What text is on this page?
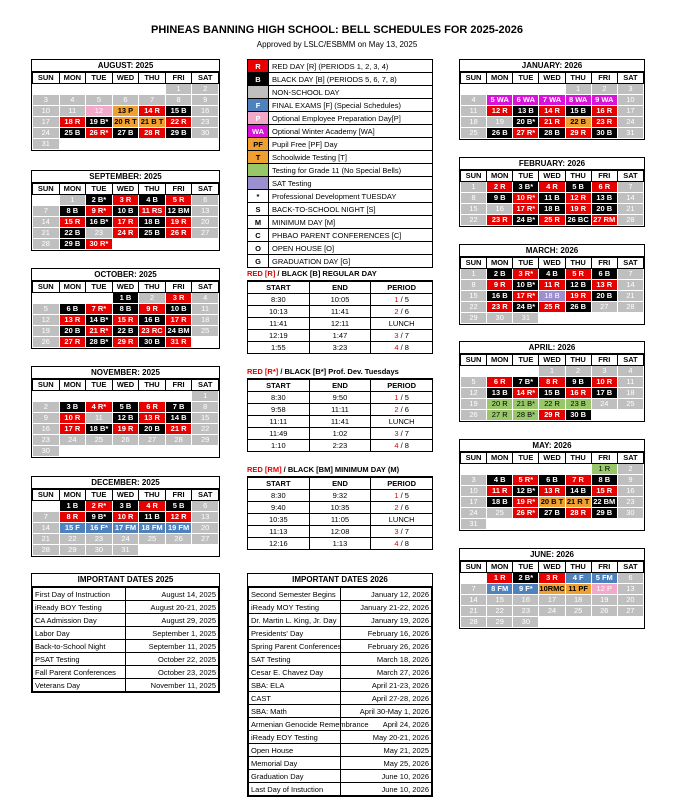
PHINEAS BANNING HIGH SCHOOL: BELL SCHEDULES FOR 2025-2026
Approved by LSLC/ESBMM on May 13, 2025
AUGUST: 2025
SUN	MON	TUE	WED	THU	FRI	SAT
					1	2
3	4	5	6	7	8	9
10	11	12	13 P	14 R	15 B	16
17	18 R	19 B*	20 R T	21 B T	22 R	23
24	25 B	26 R*	27 B	28 R	29 B	30
31						
SEPTEMBER: 2025
SUN	MON	TUE	WED	THU	FRI	SAT
	1	2 B*	3 R	4 B	5 R	6
7	8 B	9 R*	10 B	11 RS	12 BM	13
14	15 R	16 B*	17 R	18 B	19 R	20
21	22 B	23	24 R	25 B	26 R	27
28	29 B	30 R*				
OCTOBER: 2025
SUN	MON	TUE	WED	THU	FRI	SAT
			1 B	2	3 R	4
5	6 B	7 R*	8 B	9 R	10 B	11
12	13 R	14 B*	15 R	16 B	17 R	18
19	20 B	21 R*	22 B	23 RC	24 BM	25
26	27 R	28 B*	29 R	30 B	31 R	
NOVEMBER: 2025
SUN	MON	TUE	WED	THU	FRI	SAT
						1
2	3 B	4 R*	5 B	6 R	7 B	8
9	10 R	11	12 B	13 R	14 B	15
16	17 R	18 B*	19 R	20 B	21 R	22
23	24	25	26	27	28	29
30						
DECEMBER: 2025
SUN	MON	TUE	WED	THU	FRI	SAT
	1 B	2 R*	3 B	4 R	5 B	6
7	8 R	9 B*	10 R	11 B	12 R	13
14	15 F	16 F*	17 FM	18 FM	19 FM	20
21	22	23	24	25	26	27
28	29	30	31			
JANUARY: 2026
SUN	MON	TUE	WED	THU	FRI	SAT
				1	2	3
4	5 WA	6 WA	7 WA	8 WA	9 WA	10
11	12 R	13 B	14 R	15 B	16 R	17
18	19	20 B*	21 R	22 B	23 R	24
25	26 B	27 R*	28 B	29 R	30 B	31
FEBRUARY: 2026
SUN	MON	TUE	WED	THU	FRI	SAT
1	2 R	3 B*	4 R	5 B	6 R	7
8	9 B	10 R*	11 B	12 R	13 B	14
15	16	17 R*	18 B	19 R	20 B	21
22	23 R	24 B*	25 R	26 BC	27 RM	28
MARCH: 2026
SUN	MON	TUE	WED	THU	FRI	SAT
1	2 B	3 R*	4 B	5 R	6 B	7
8	9 R	10 B*	11 R	12 B	13 R	14
15	16 B	17 R*	18 B	19 R	20 B	21
22	23 R	24 B*	25 R	26 B	27	28
29	30	31				
APRIL: 2026
SUN	MON	TUE	WED	THU	FRI	SAT
			1	2	3	4
5	6 R	7 B*	8 R	9 B	10 R	11
12	13 B	14 R*	15 B	16 R	17 B	18
19	20 R	21 B*	22 R	23 B	24	25
26	27 R	28 B*	29 R	30 B		
MAY: 2026
SUN	MON	TUE	WED	THU	FRI	SAT
					1 R	2
3	4 B	5 R*	6 B	7 R	8 B	9
10	11 R	12 B*	13 R	14 B	15 R	16
17	18 B	19 R*	20 B T	21 R T	22 BM	23
24	25	26 R*	27 B	28 R	29 B	30
31						
JUNE: 2026
SUN	MON	TUE	WED	THU	FRI	SAT
	1 R	2 B*	3 R	4 F	5 FM	6
7	8 FM	9 F*	10RMC	11 PF	12 P	13
14	15	16	17	18	19	20
21	22	23	24	25	26	27
28	29	30				
R	RED DAY [R] (PERIODS 1, 2, 3, 4)
B	BLACK DAY [B] (PERIODS 5, 6, 7, 8)
	NON-SCHOOL DAY
F	FINAL EXAMS [F] (Special Schedules)
P	Optional Employee Preparation Day[P]
WA	Optional Winter Academy [WA]
PF	Pupil Free [PF] Day
T	Schoolwide Testing [T]
	Testing for Grade 11 (No Special Bells)
	SAT Testing
*	Professional Development TUESDAY
S	BACK-TO-SCHOOL NIGHT [S]
M	MINIMUM DAY [M]
C	PHBAO PARENT CONFERENCES [C]
O	OPEN HOUSE [O]
G	GRADUATION DAY [G]
RED [R] / BLACK [B] REGULAR DAY
START	END	PERIOD
8:30	10:05	1 / 5
10:13	11:41	2 / 6
11:41	12:11	LUNCH
12:19	1:47	3 / 7
1:55	3:23	4 / 8
RED [R*] / BLACK [B*] Prof. Dev. Tuesdays
START	END	PERIOD
8:30	9:50	1 / 5
9:58	11:11	2 / 6
11:11	11:41	LUNCH
11:49	1:02	3 / 7
1:10	2:23	4 / 8
RED [RM] / BLACK [BM] MINIMUM DAY (M)
START	END	PERIOD
8:30	9:32	1 / 5
9:40	10:35	2 / 6
10:35	11:05	LUNCH
11:13	12:08	3 / 7
12:16	1:13	4 / 8
IMPORTANT DATES 2025
First Day of Instruction	August 14, 2025
iReady BOY Testing	August 20-21, 2025
CA Admission Day	August 29, 2025
Labor Day	September 1, 2025
Back-to-School Night	September 11, 2025
PSAT Testing	October 22, 2025
Fall Parent Conferences	October 23, 2025
Veterans Day	November 11, 2025
IMPORTANT DATES 2026
Second Semester Begins	January 12, 2026
iReady MOY Testing	January 21-22, 2026
Dr. Martin L. King, Jr. Day	January 19, 2026
Presidents' Day	February 16, 2026
Spring Parent Conferences	February 26, 2026
SAT Testing	March 18, 2026
Cesar E. Chavez Day	March 27, 2026
SBA: ELA	April 21-23, 2026
CAST	April 27-28, 2026
SBA: Math	April 30-May 1, 2026
Armenian Genocide Remembrance	April 24, 2026
iReady EOY Testing	May 20-21, 2026
Open House	May 21, 2025
Memorial Day	May 25, 2026
Graduation Day	June 10, 2026
Last Day of Instuction	June 10, 2026
